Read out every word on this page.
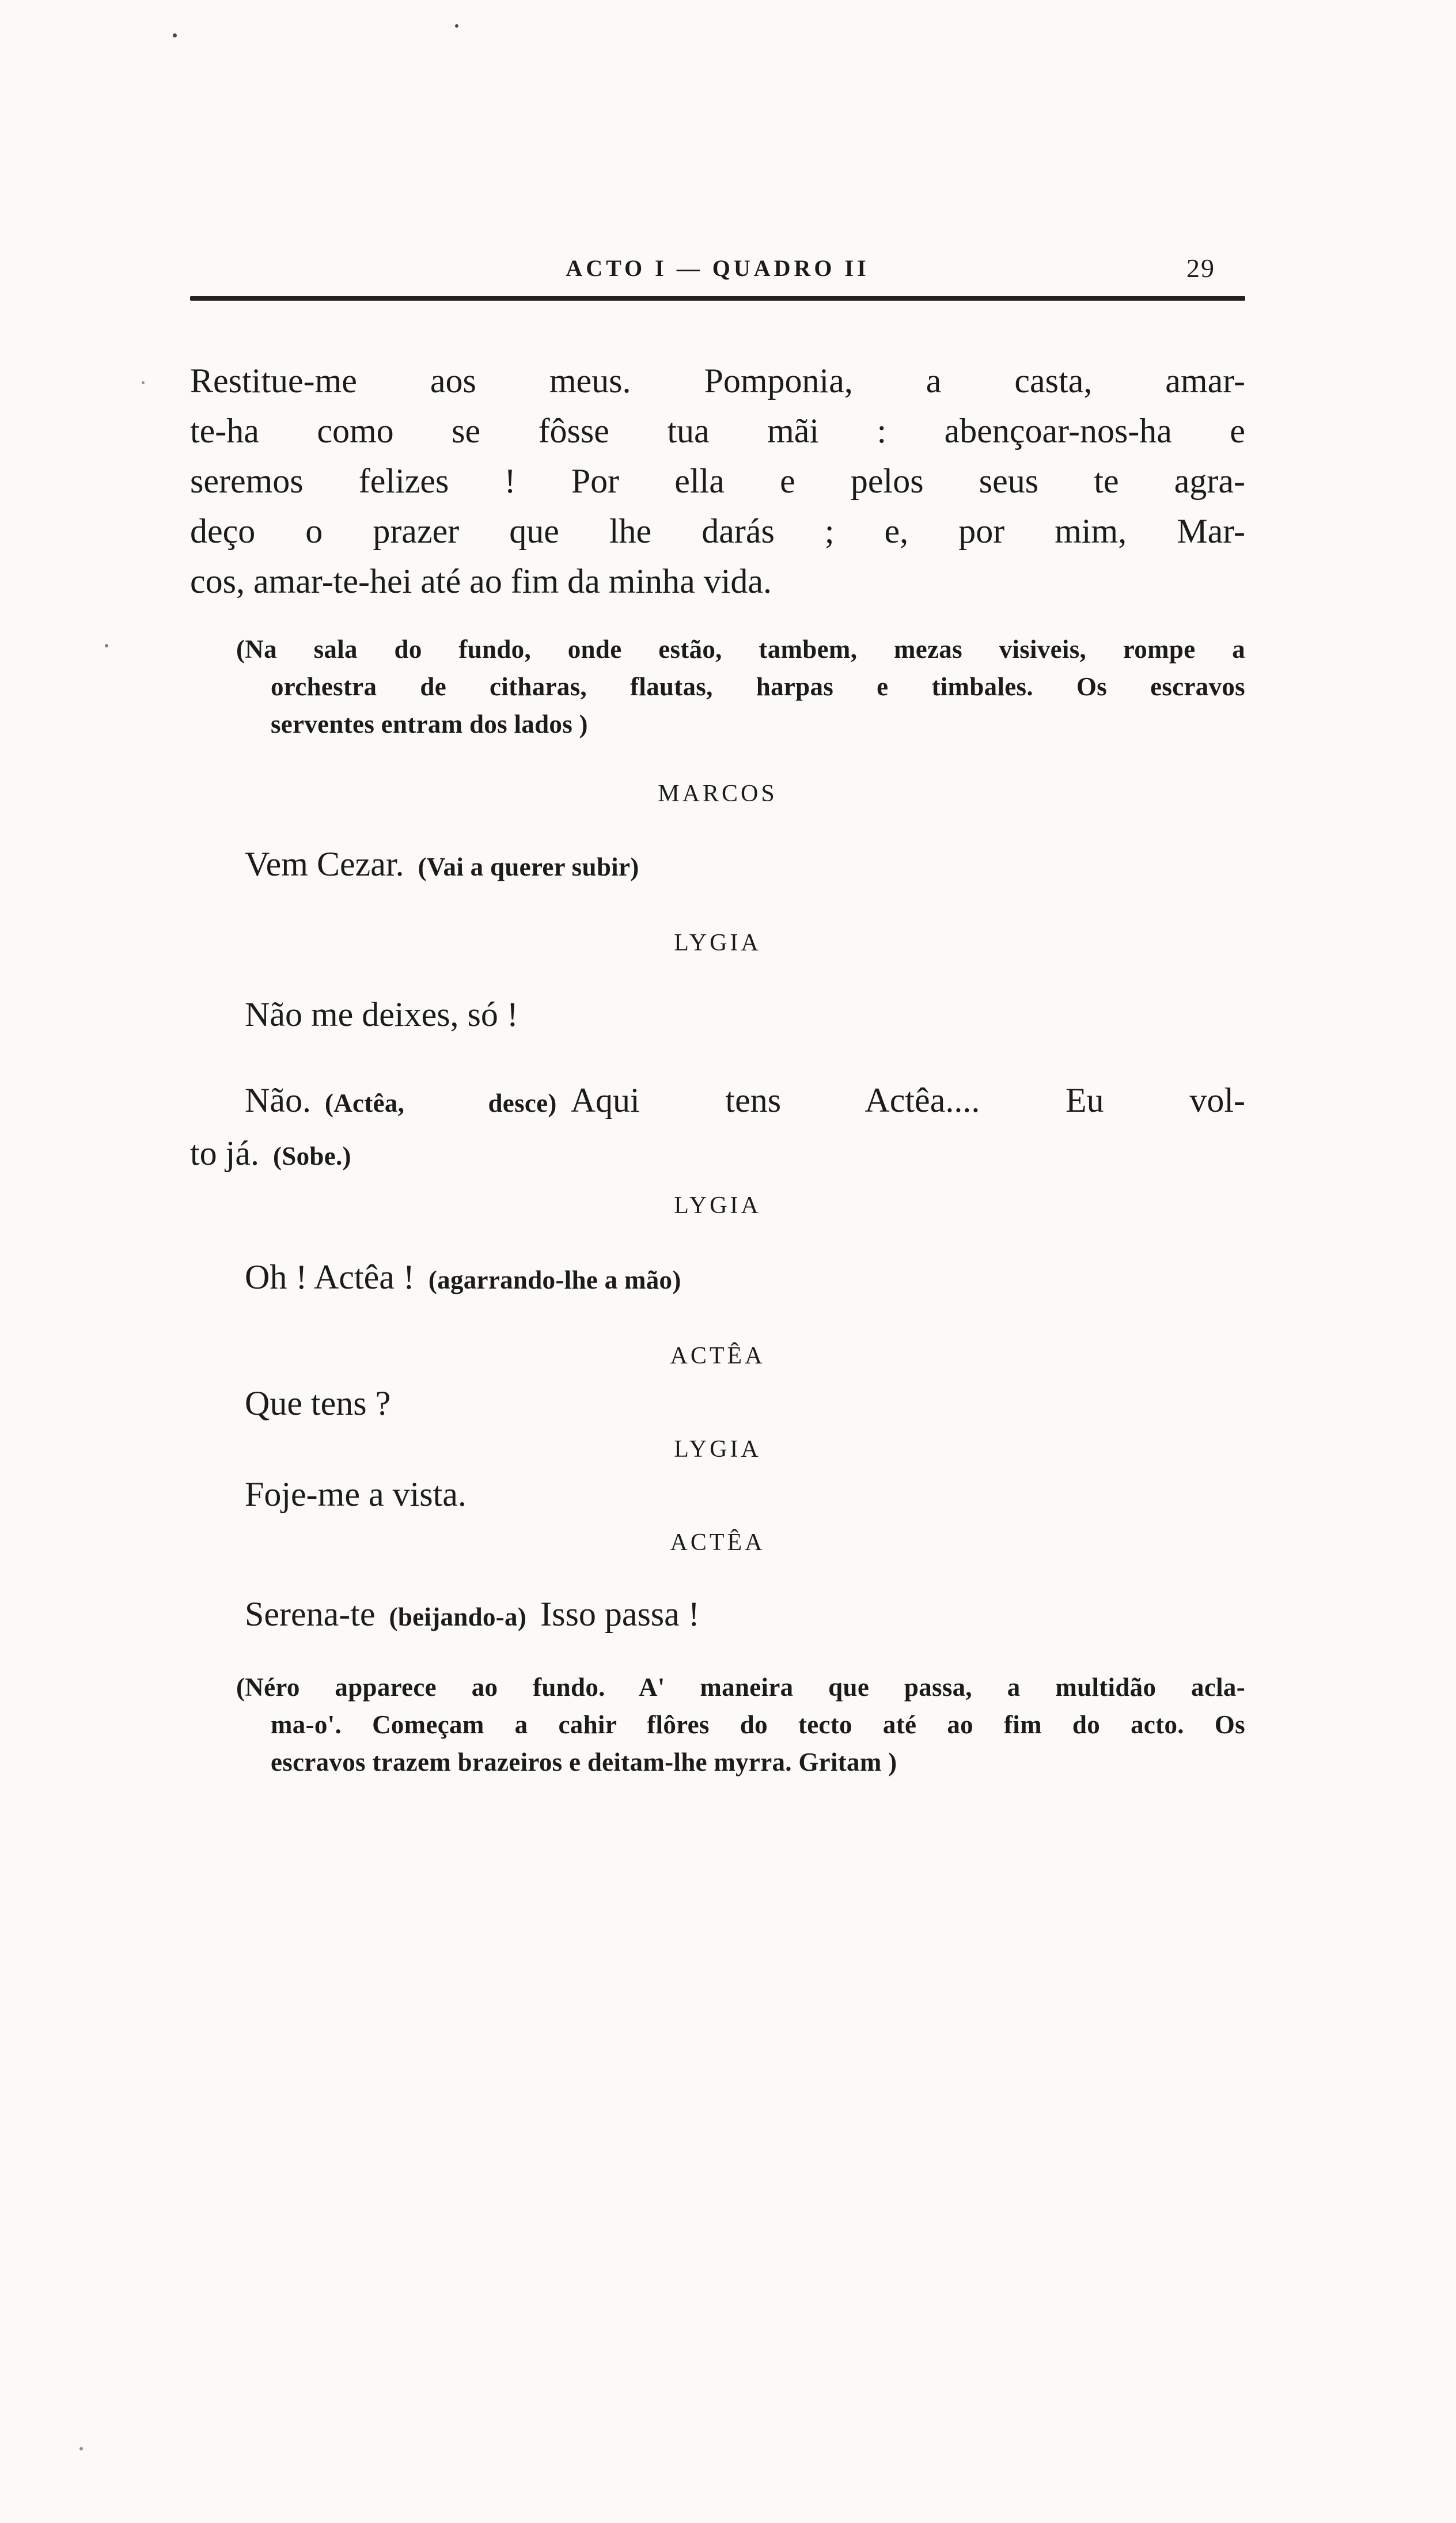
ACTO I — QUADRO II	29

Restitue-me aos meus. Pomponia, a casta, amar-

te-ha como se fôsse tua mãi : abençoar-nos-ha e

seremos felizes ! Por ella e pelos seus te agra-

deço o prazer que lhe darás ; e, por mim, Mar-

cos, amar-te-hei até ao fim da minha vida.

(Na sala do fundo, onde estão, tambem, mezas visiveis, rompe a

orchestra de citharas, flautas, harpas e timbales. Os escravos

serventes entram dos lados )

MARCOS

Vem Cezar. (Vai a querer subir)

LYGIA

Não me deixes, só !

Não. (Actêa, desce) Aqui tens Actêa.... Eu vol-

to já. (Sobe.)

LYGIA

Oh ! Actêa ! (agarrando-lhe a mão)

ACTÊA

Que tens ?

LYGIA

Foje-me a vista.

ACTÊA

Serena-te (beijando-a) Isso passa !

(Néro apparece ao fundo. A' maneira que passa, a multidão acla-

ma-o'. Começam a cahir flôres do tecto até ao fim do acto. Os

escravos trazem brazeiros e deitam-lhe myrra. Gritam )
